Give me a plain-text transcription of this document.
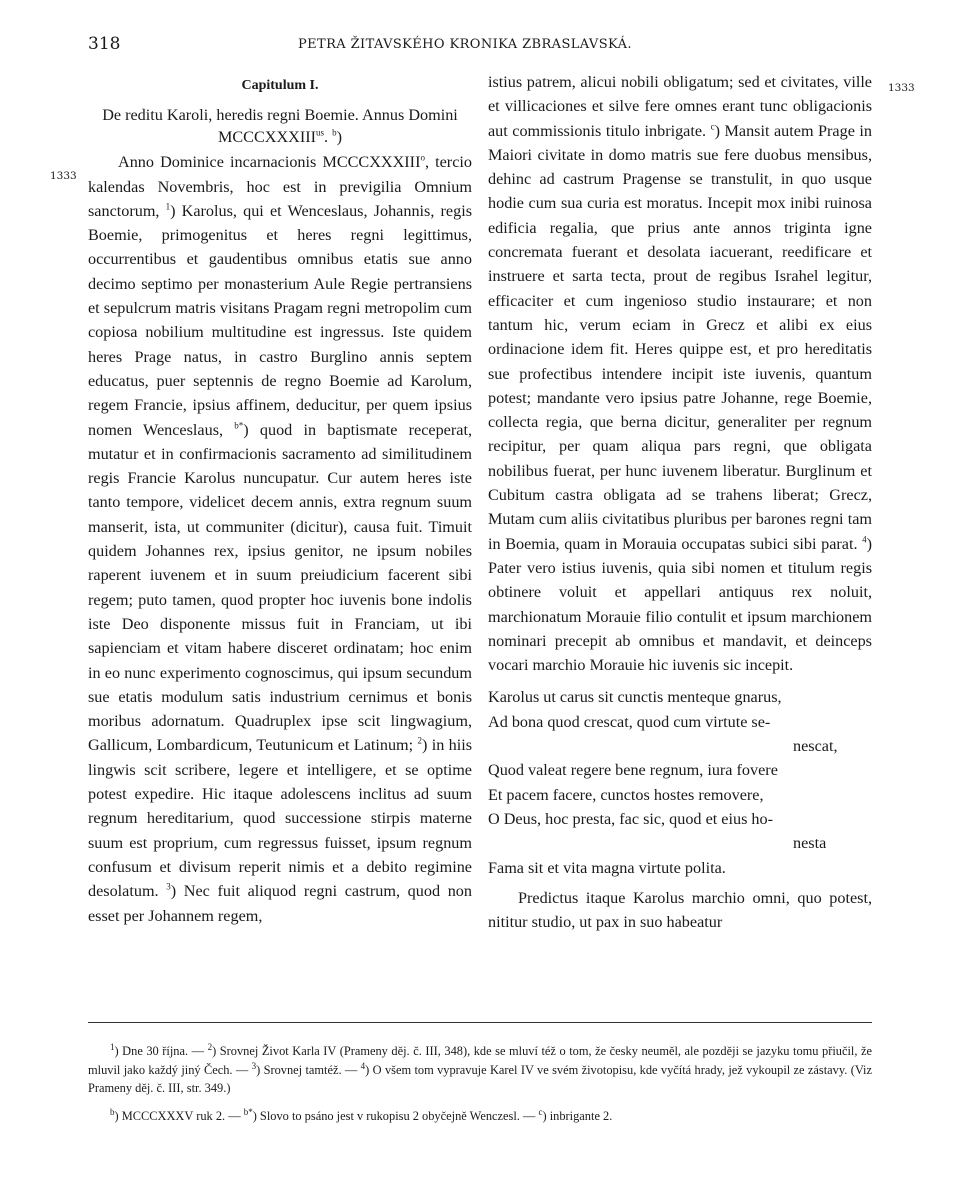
318	PETRA ŽITAVSKÉHO KRONIKA ZBRASLAVSKÁ.
1333
1333
Capitulum I.
De reditu Karoli, heredis regni Boemie. Annus Domini $MCCCXXXIII^{us}$. $^b$)

Anno Dominice incarnacionis MCCCXXXIII$^o$, tercio kalendas Novembris, hoc est in previgilia Omnium sanctorum, $^1$) Karolus, qui et Wenceslaus, Johannis, regis Boemie, primogenitus et heres regni legittimus, occurrentibus et gaudentibus omnibus etatis sue anno decimo septimo per monasterium Aule Regie pertransiens et sepulcrum matris visitans Pragam regni metropolim cum copiosa nobilium multitudine est ingressus. Iste quidem heres Prage natus, in castro Burglino annis septem educatus, puer septennis de regno Boemie ad Karolum, regem Francie, ipsius affinem, deducitur, per quem ipsius nomen Wenceslaus, $^{b*}$) quod in baptismate receperat, mutatur et in confirmacionis sacramento ad similitudinem regis Francie Karolus nuncupatur. Cur autem heres iste tanto tempore, videlicet decem annis, extra regnum suum manserit, ista, ut communiter (dicitur), causa fuit. Timuit quidem Johannes rex, ipsius genitor, ne ipsum nobiles raperent iuvenem et in suum preiudicium facerent sibi regem; puto tamen, quod propter hoc iuvenis bone indolis iste Deo disponente missus fuit in Franciam, ut ibi sapienciam et vitam habere disceret ordinatam; hoc enim in eo nunc experimento cognoscimus, qui ipsum secundum sue etatis modulum satis industrium cernimus et bonis moribus adornatum. Quadruplex ipse scit lingwagium, Gallicum, Lombardicum, Teutunicum et Latinum; $^2$) in hiis lingwis scit scribere, legere et intelligere, et se optime potest expedire. Hic itaque adolescens inclitus ad suum regnum hereditarium, quod successione stirpis materne suum est proprium, cum regressus fuisset, ipsum regnum confusum et divisum reperit nimis et a debito regimine desolatum. $^3$) Nec fuit aliquod regni castrum, quod non esset per Johannem regem,

istius patrem, alicui nobili obligatum; sed et civitates, ville et villicaciones et silve fere omnes erant tunc obligacionis aut commissionis titulo inbrigate. $^c$) Mansit autem Prage in Maiori civitate in domo matris sue fere duobus mensibus, dehinc ad castrum Pragense se transtulit, in quo usque hodie cum sua curia est moratus. Incepit mox inibi ruinosa edificia regalia, que prius ante annos triginta igne concremata fuerant et desolata iacuerant, reedificare et instruere et sarta tecta, prout de regibus Israhel legitur, efficaciter et cum ingenioso studio instaurare; et non tantum hic, verum eciam in Grecz et alibi ex eius ordinacione idem fit. Heres quippe est, et pro hereditatis sue profectibus intendere incipit iste iuvenis, quantum potest; mandante vero ipsius patre Johanne, rege Boemie, collecta regia, que berna dicitur, generaliter per regnum recipitur, per quam aliqua pars regni, que obligata nobilibus fuerat, per hunc iuvenem liberatur. Burglinum et Cubitum castra obligata ad se trahens liberat; Grecz, Mutam cum aliis civitatibus pluribus per barones regni tam in Boemia, quam in Morauia occupatas subici sibi parat. $^4$) Pater vero istius iuvenis, quia sibi nomen et titulum regis obtinere voluit et appellari antiquus rex noluit, marchionatum Morauie filio contulit et ipsum marchionem nominari precepit ab omnibus et mandavit, et deinceps vocari marchio Morauie hic iuvenis sic incepit.

Karolus ut carus sit cunctis menteque gnarus,
Ad bona quod crescat, quod cum virtute se-
nescat,
Quod valeat regere bene regnum, iura fovere
Et pacem facere, cunctos hostes removere,
O Deus, hoc presta, fac sic, quod et eius ho-
nesta
Fama sit et vita magna virtute polita.

Predictus itaque Karolus marchio omni, quo potest, nititur studio, ut pax in suo habeatur

$^1$) Dne 30 října. — $^2$) Srovnej Život Karla IV (Prameny děj. č. III, 348), kde se mluví též o tom, že česky neuměl, ale později se jazyku tomu přiučil, že mluvil jako každý jiný Čech. — $^3$) Srovnej tamtéž. — $^4$) O všem tom vypravuje Karel IV ve svém životopisu, kde vyčítá hrady, jež vykoupil ze zástavy. (Viz Prameny děj. č. III, str. 349.)

$^b$) MCCCXXXV ruk 2. — $^{b*}$) Slovo to psáno jest v rukopisu 2 obyčejně Wenczesl. — $^c$) inbrigante 2.
